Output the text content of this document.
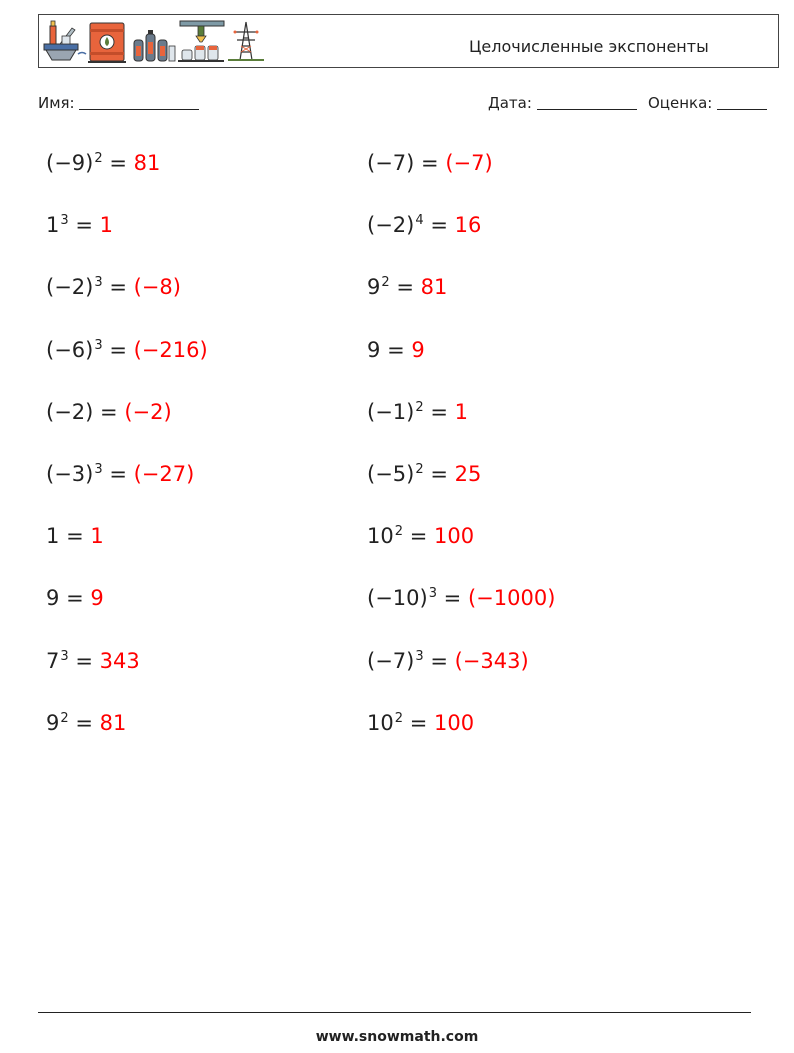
Целочисленные экспоненты
Имя:	Дата:	Оценка:
$(-9)^2 = 81$	(−7) = (−7)
$1^3 = 1$	$(-2)^4 = 16$
$(-2)^3 = (-8)$	$9^2 = 81$
$(-6)^3 = (-216)$	9 = 9
(−2) = (−2)	$(-1)^2 = 1$
$(-3)^3 = (-27)$	$(-5)^2 = 25$
1 = 1	$10^2 = 100$
9 = 9	$(-10)^3 = (-1000)$
$7^3 = 343$	$(-7)^3 = (-343)$
$9^2 = 81$	$10^2 = 100$
www.snowmath.com
